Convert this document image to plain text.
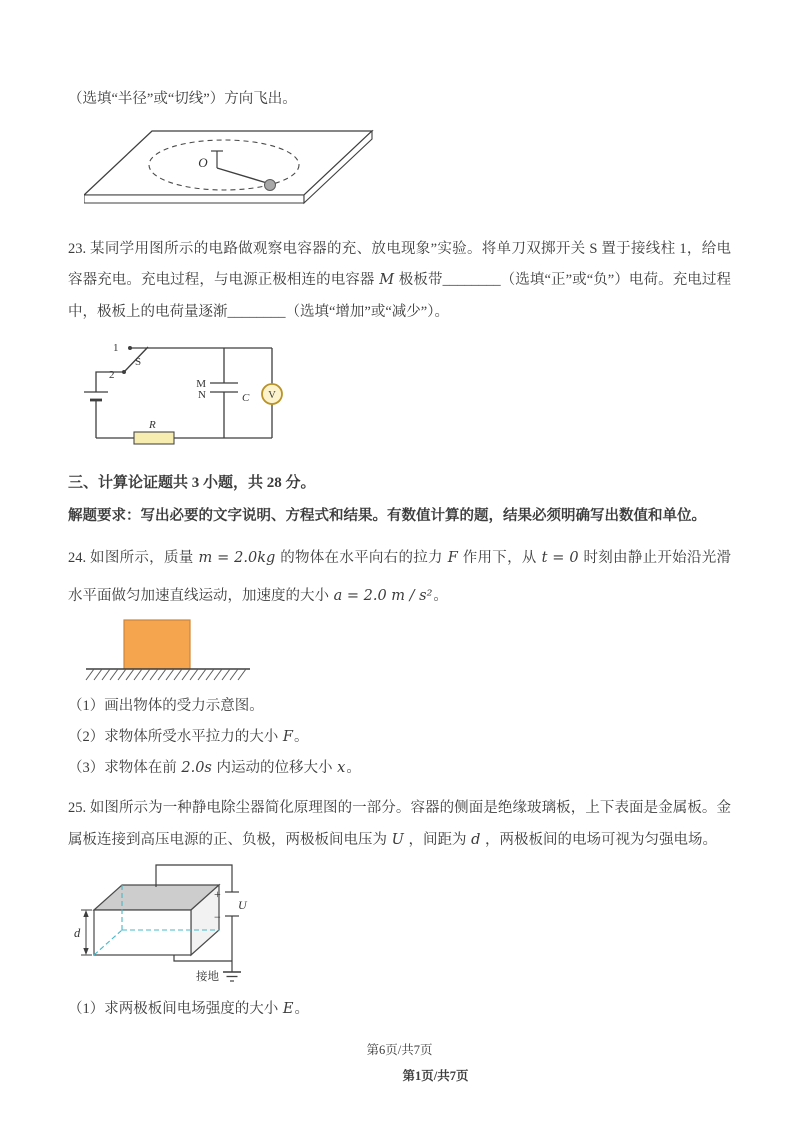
（选填“半径”或“切线”）方向飞出。

O

23. 某同学用图所示的电路做观察电容器的充、放电现象”实验。将单刀双掷开关 S 置于接线柱 1，给电容器充电。充电过程，与电源正极相连的电容器 M 极板带________（选填“正”或“负”）电荷。充电过程中，极板上的电荷量逐渐________（选填“增加”或“减少”）。

V
1
2
S
M
N	C
R

三、计算论证题共 3 小题，共 28 分。

解题要求：写出必要的文字说明、方程式和结果。有数值计算的题，结果必须明确写出数值和单位。

24. 如图所示，质量 m = 2.0kg 的物体在水平向右的拉力 F 作用下，从 t = 0 时刻由静止开始沿光滑水平面做匀加速直线运动，加速度的大小 a = 2.0 m / s²。

（1）画出物体的受力示意图。

（2）求物体所受水平拉力的大小 F。

（3）求物体在前 2.0s 内运动的位移大小 x。

25. 如图所示为一种静电除尘器简化原理图的一部分。容器的侧面是绝缘玻璃板，上下表面是金属板。金属板连接到高压电源的正、负极，两极板间电压为 U ，间距为 d ，两极板间的电场可视为匀强电场。

d
+
U
−
接地

（1）求两极板间电场强度的大小 E。

第6页/共7页
第1页/共7页
